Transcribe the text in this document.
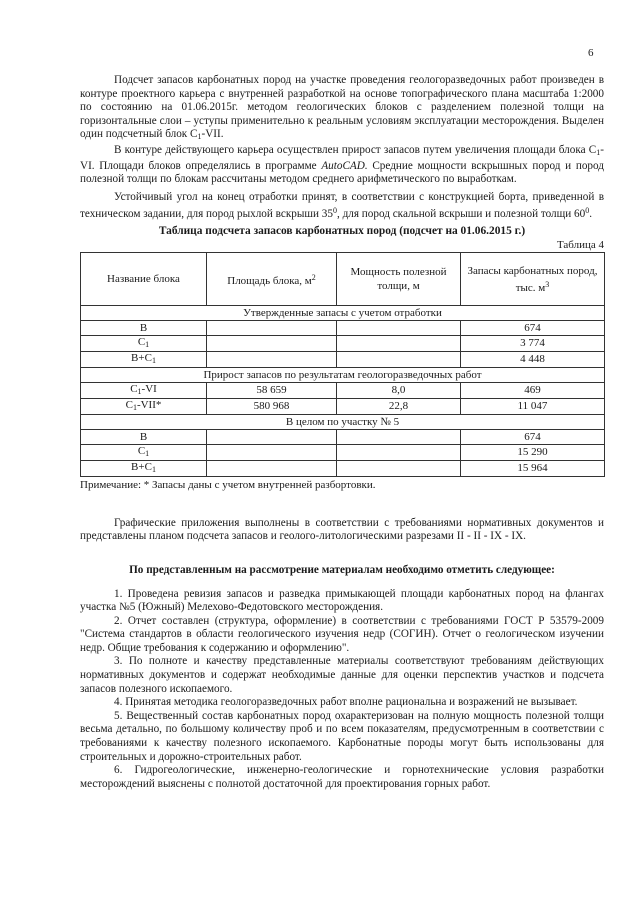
6

Подсчет запасов карбонатных пород на участке проведения геологоразведочных работ произведен в контуре проектного карьера с внутренней разработкой на основе топографического плана масштаба 1:2000 по состоянию на 01.06.2015г. методом геологических блоков с разделением полезной толщи на горизонтальные слои – уступы применительно к реальным условиям эксплуатации месторождения. Выделен один подсчетный блок $С_1$-VII.

В контуре действующего карьера осуществлен прирост запасов путем увеличения площади блока $С_1-VI$. Площади блоков определялись в программе AutoCAD. Средние мощности вскрышных пород и пород полезной толщи по блокам рассчитаны методом среднего арифметического по выработкам.

Устойчивый угол на конец отработки принят, в соответствии с конструкцией борта, приведенной в техническом задании, для пород рыхлой вскрыши $35^0$, для пород скальной вскрыши и полезной толщи $60^0$.

Таблица подсчета запасов карбонатных пород (подсчет на 01.06.2015 г.)
Таблица 4
Название блока	Площадь блока, $м^2$	Мощность полезной толщи, м	Запасы карбонатных пород, тыс. $м^3$
Утвержденные запасы с учетом отработки			
В			674
$С_1$			3 774
$В+С_1$			4 448
Прирост запасов по результатам геологоразведочных работ			
$С_1-VI$	58 659	8,0	469
$С_1-VII*$	580 968	22,8	11 047
В целом по участку № 5			
В			674
$С_1$			15 290
$В+С_1$			15 964
Примечание: * Запасы даны с учетом внутренней разбортовки.

Графические приложения выполнены в соответствии с требованиями нормативных документов и представлены планом подсчета запасов и геолого-литологическими разрезами II - II - IX - IX.

По представленным на рассмотрение материалам необходимо отметить следующее:

1. Проведена ревизия запасов и разведка примыкающей площади карбонатных пород на флангах участка №5 (Южный) Мелехово-Федотовского месторождения.

2. Отчет составлен (структура, оформление) в соответствии с требованиями ГОСТ Р 53579-2009 "Система стандартов в области геологического изучения недр (СОГИН). Отчет о геологическом изучении недр. Общие требования к содержанию и оформлению".

3. По полноте и качеству представленные материалы соответствуют требованиям действующих нормативных документов и содержат необходимые данные для оценки перспектив участков и подсчета запасов полезного ископаемого.

4. Принятая методика геологоразведочных работ вполне рациональна и возражений не вызывает.

5. Вещественный состав карбонатных пород охарактеризован на полную мощность полезной толщи весьма детально, по большому количеству проб и по всем показателям, предусмотренным в соответствии с требованиями к качеству полезного ископаемого. Карбонатные породы могут быть использованы для строительных и дорожно-строительных работ.

6. Гидрогеологические, инженерно-геологические и горнотехнические условия разработки месторождений выяснены с полнотой достаточной для проектирования горных работ.
